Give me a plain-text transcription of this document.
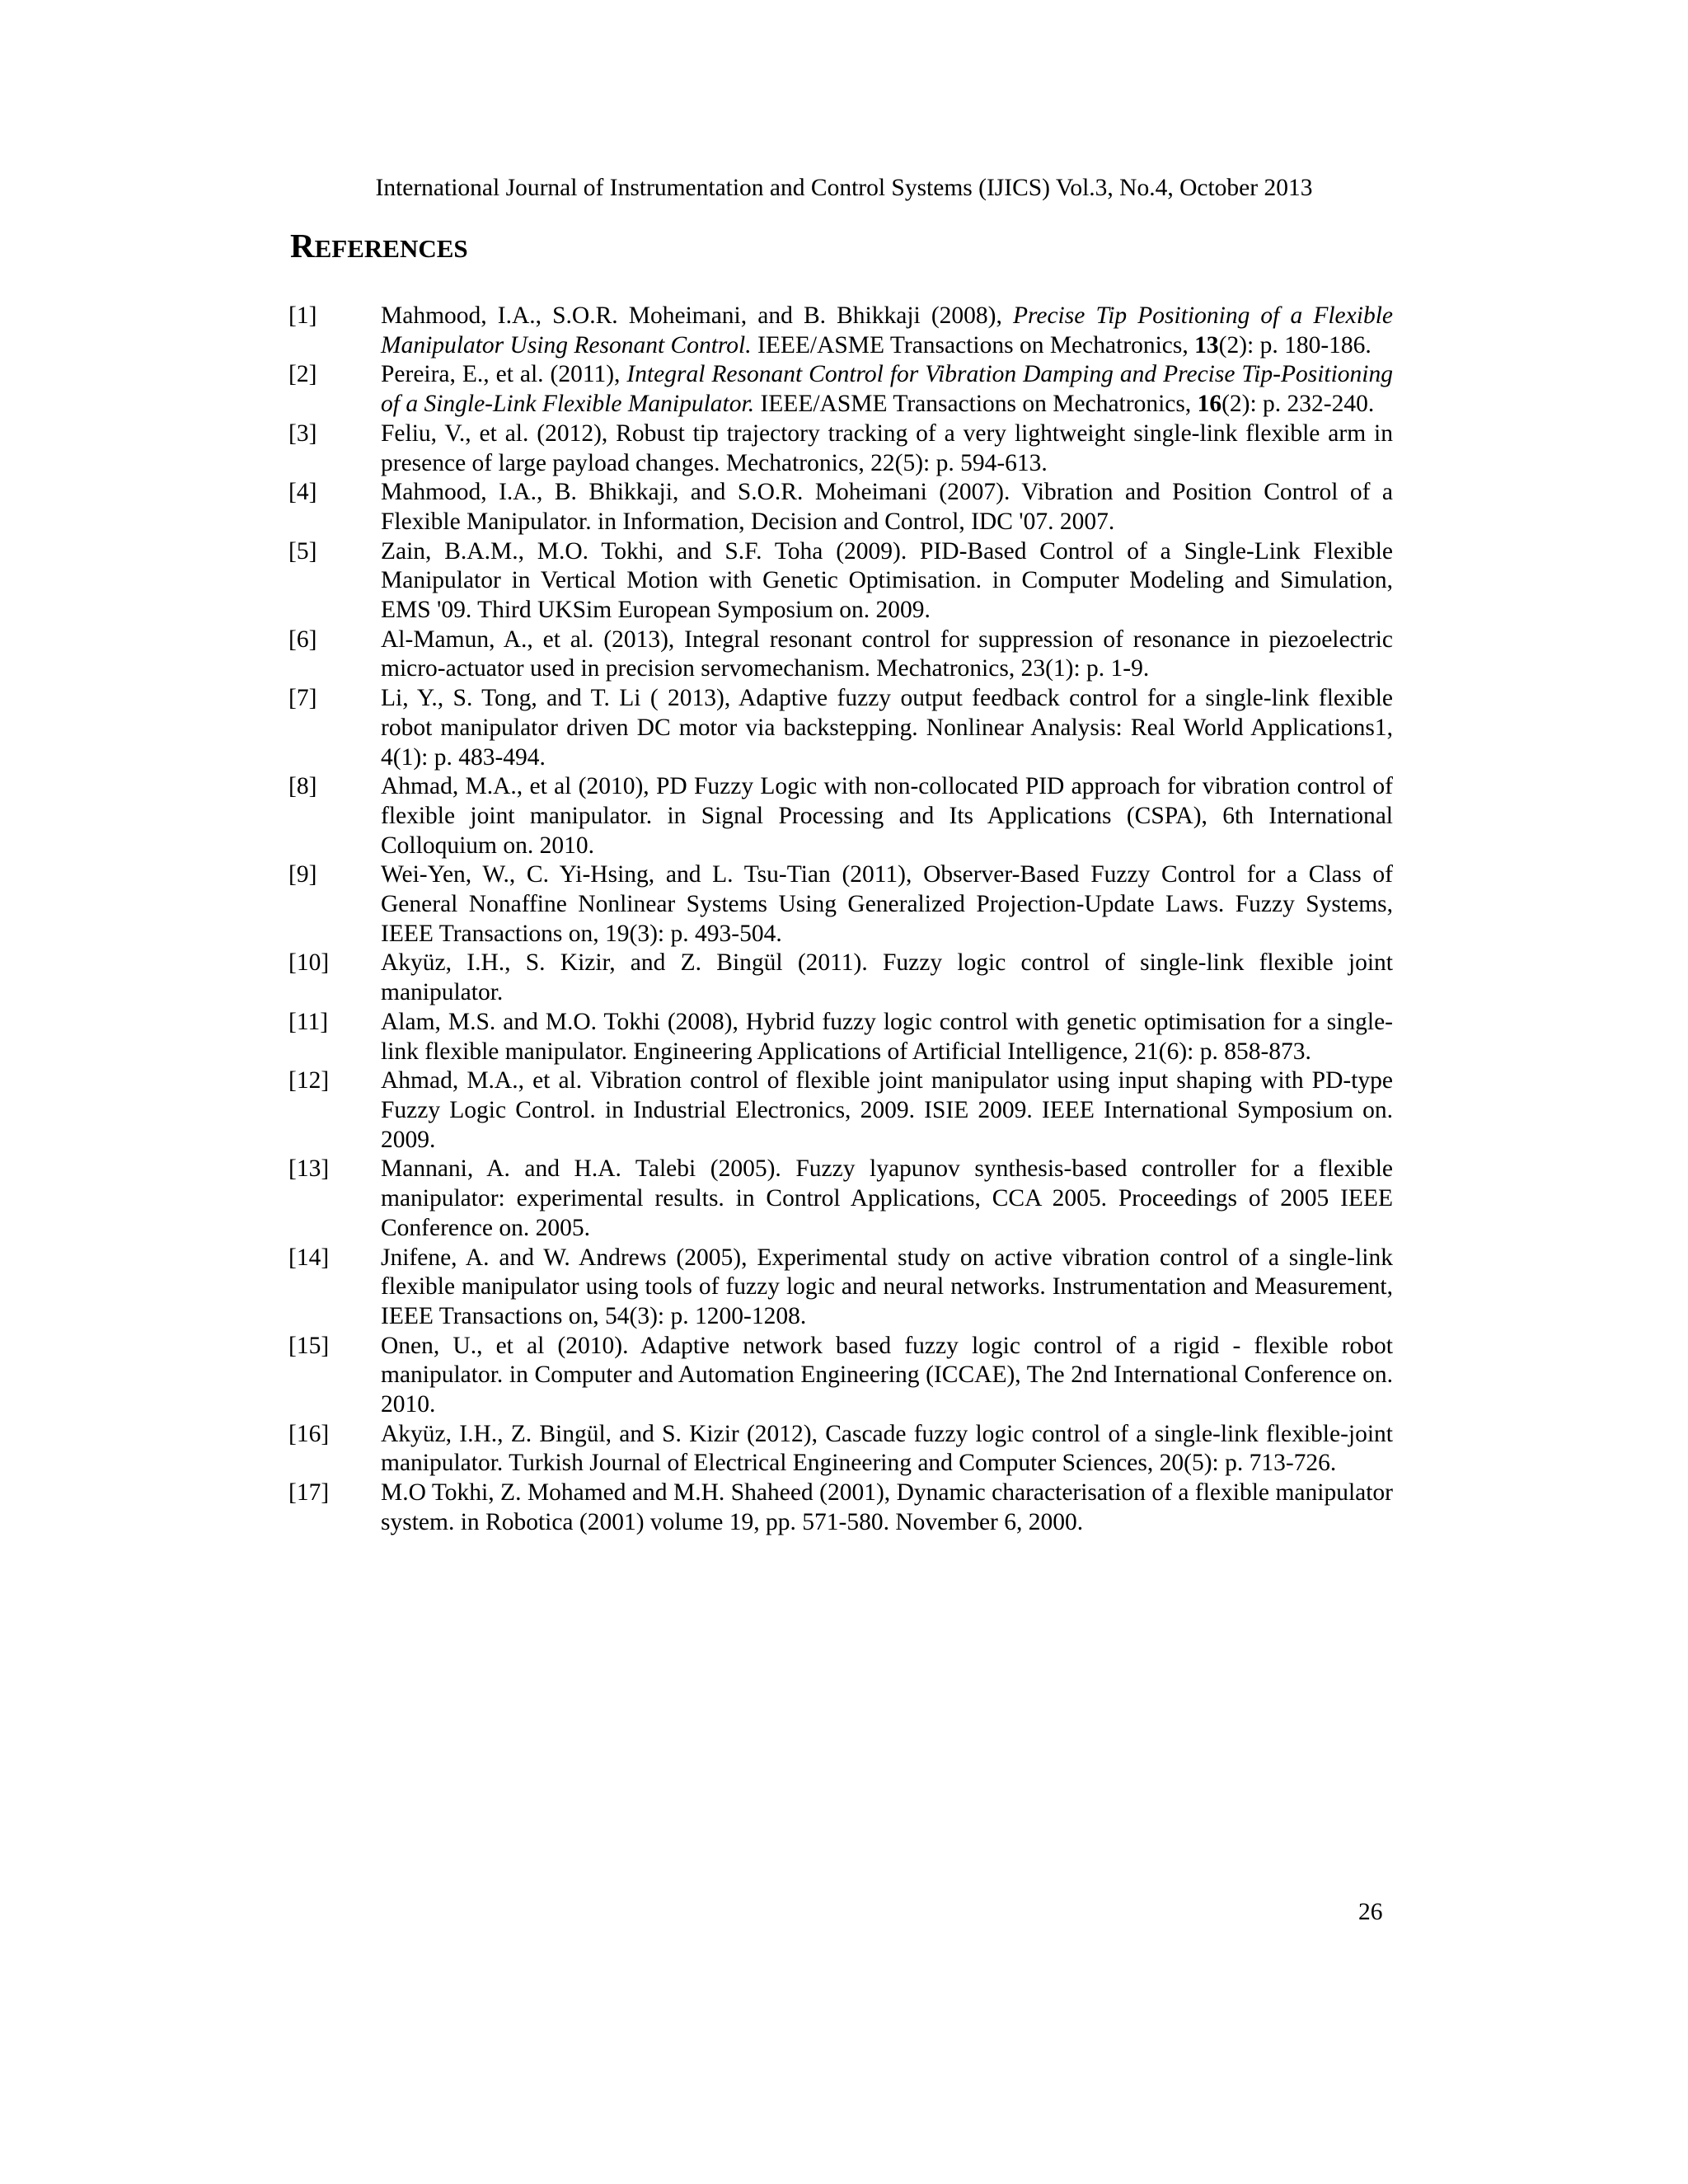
International Journal of Instrumentation and Control Systems (IJICS) Vol.3, No.4, October 2013
REFERENCES
[1]	Mahmood, I.A., S.O.R. Moheimani, and B. Bhikkaji (2008), Precise Tip Positioning of a Flexible Manipulator Using Resonant Control. IEEE/ASME Transactions on Mechatronics, 13(2): p. 180-186.
[2]	Pereira, E., et al. (2011), Integral Resonant Control for Vibration Damping and Precise Tip-Positioning of a Single-Link Flexible Manipulator. IEEE/ASME Transactions on Mechatronics, 16(2): p. 232-240.
[3]	Feliu, V., et al. (2012), Robust tip trajectory tracking of a very lightweight single-link flexible arm in presence of large payload changes. Mechatronics, 22(5): p. 594-613.
[4]	Mahmood, I.A., B. Bhikkaji, and S.O.R. Moheimani (2007). Vibration and Position Control of a Flexible Manipulator. in Information, Decision and Control, IDC '07. 2007.
[5]	Zain, B.A.M., M.O. Tokhi, and S.F. Toha (2009). PID-Based Control of a Single-Link Flexible Manipulator in Vertical Motion with Genetic Optimisation. in Computer Modeling and Simulation, EMS '09. Third UKSim European Symposium on. 2009.
[6]	Al-Mamun, A., et al. (2013), Integral resonant control for suppression of resonance in piezoelectric micro-actuator used in precision servomechanism. Mechatronics, 23(1): p. 1-9.
[7]	Li, Y., S. Tong, and T. Li ( 2013), Adaptive fuzzy output feedback control for a single-link flexible robot manipulator driven DC motor via backstepping. Nonlinear Analysis: Real World Applications1, 4(1): p. 483-494.
[8]	Ahmad, M.A., et al (2010), PD Fuzzy Logic with non-collocated PID approach for vibration control of flexible joint manipulator. in Signal Processing and Its Applications (CSPA), 6th International Colloquium on. 2010.
[9]	Wei-Yen, W., C. Yi-Hsing, and L. Tsu-Tian (2011), Observer-Based Fuzzy Control for a Class of General Nonaffine Nonlinear Systems Using Generalized Projection-Update Laws. Fuzzy Systems, IEEE Transactions on, 19(3): p. 493-504.
[10]	Akyüz, I.H., S. Kizir, and Z. Bingül (2011). Fuzzy logic control of single-link flexible joint manipulator.
[11]	Alam, M.S. and M.O. Tokhi (2008), Hybrid fuzzy logic control with genetic optimisation for a single-link flexible manipulator. Engineering Applications of Artificial Intelligence, 21(6): p. 858-873.
[12]	Ahmad, M.A., et al. Vibration control of flexible joint manipulator using input shaping with PD-type Fuzzy Logic Control. in Industrial Electronics, 2009. ISIE 2009. IEEE International Symposium on. 2009.
[13]	Mannani, A. and H.A. Talebi (2005). Fuzzy lyapunov synthesis-based controller for a flexible manipulator: experimental results. in Control Applications, CCA 2005. Proceedings of 2005 IEEE Conference on. 2005.
[14]	Jnifene, A. and W. Andrews (2005), Experimental study on active vibration control of a single-link flexible manipulator using tools of fuzzy logic and neural networks. Instrumentation and Measurement, IEEE Transactions on, 54(3): p. 1200-1208.
[15]	Onen, U., et al (2010). Adaptive network based fuzzy logic control of a rigid - flexible robot manipulator. in Computer and Automation Engineering (ICCAE), The 2nd International Conference on. 2010.
[16]	Akyüz, I.H., Z. Bingül, and S. Kizir (2012), Cascade fuzzy logic control of a single-link flexible-joint manipulator. Turkish Journal of Electrical Engineering and Computer Sciences, 20(5): p. 713-726.
[17]	M.O Tokhi, Z. Mohamed and M.H. Shaheed (2001), Dynamic characterisation of a flexible manipulator system. in Robotica (2001) volume 19, pp. 571-580. November 6, 2000.
26
